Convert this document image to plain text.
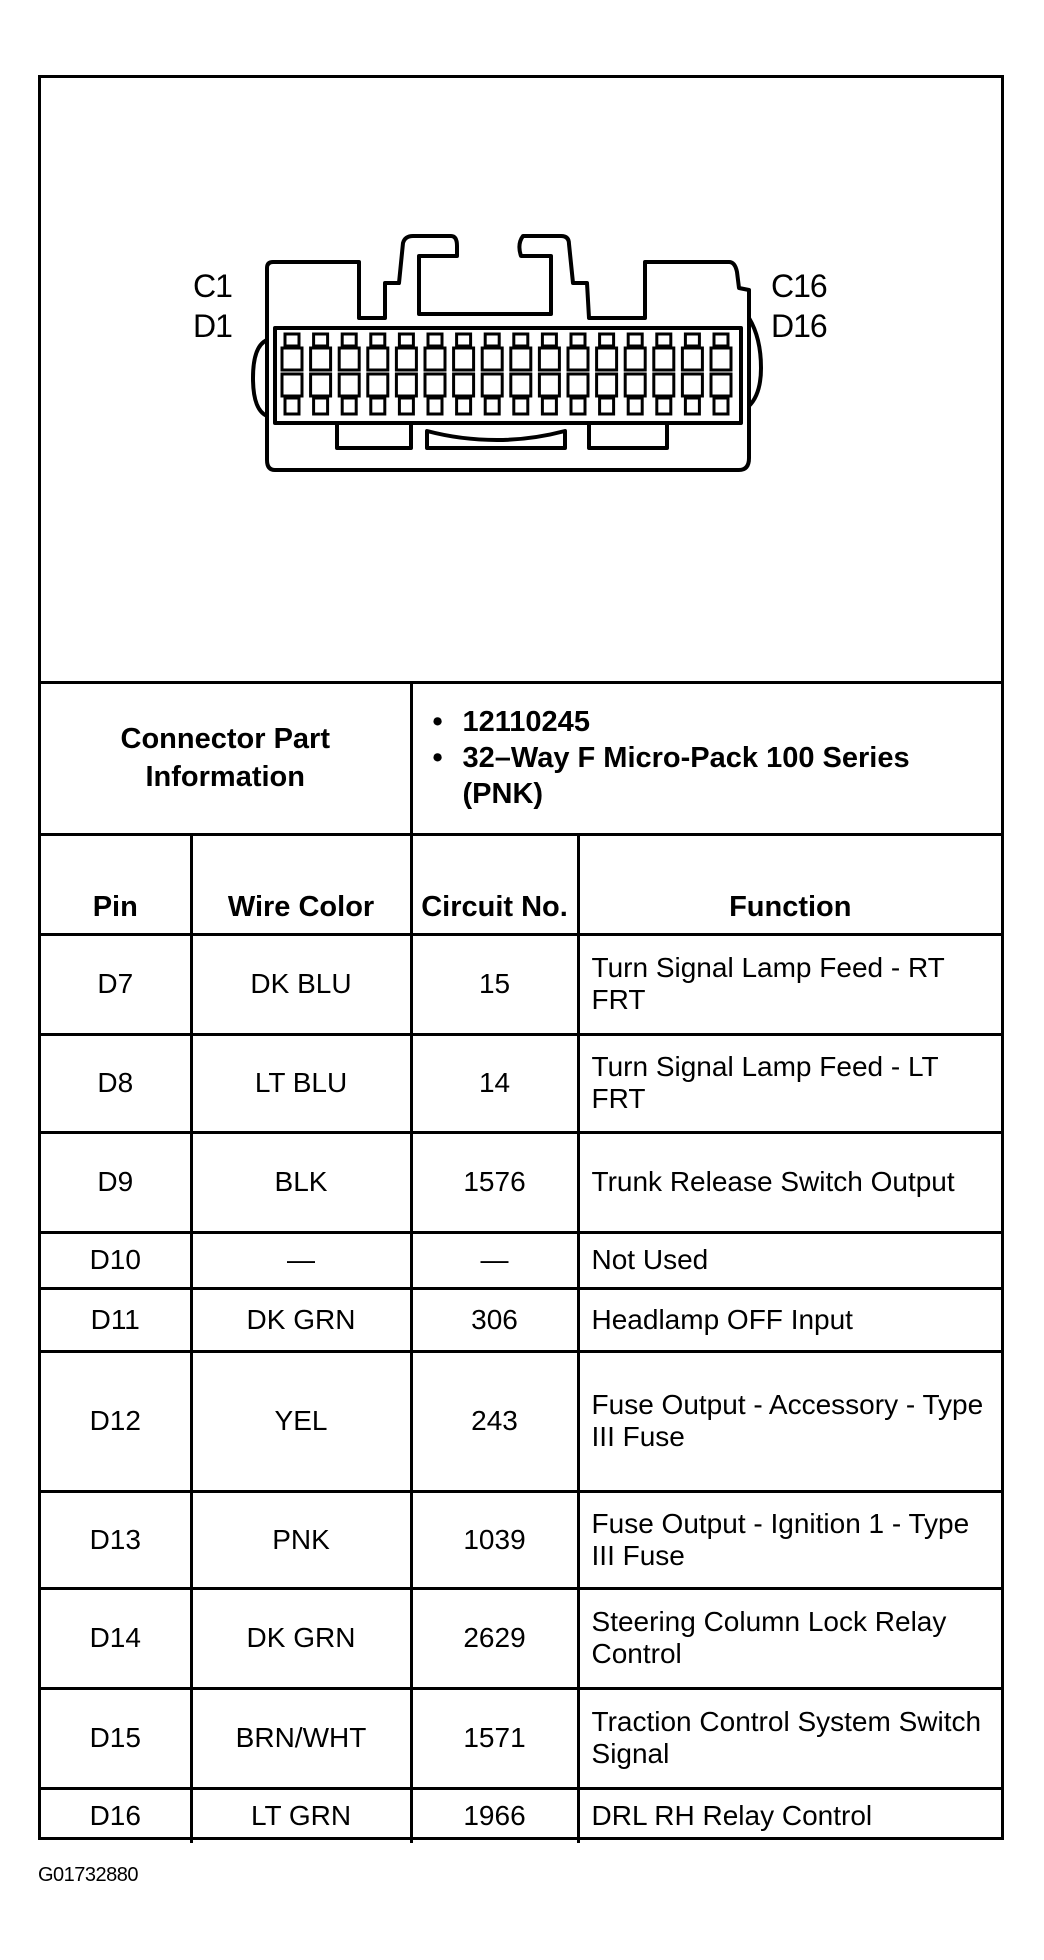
C1
D1
C16
D16
Connector Part Information		• 12110245
• 32–Way F Micro-Pack 100 Series (PNK)

Pin	Wire Color	Circuit No.	Function
D7	DK BLU	15	Turn Signal Lamp Feed - RT FRT
D8	LT BLU	14	Turn Signal Lamp Feed - LT FRT
D9	BLK	1576	Trunk Release Switch Output
D10	—	—	Not Used
D11	DK GRN	306	Headlamp OFF Input
D12	YEL	243	Fuse Output - Accessory - Type III Fuse
D13	PNK	1039	Fuse Output - Ignition 1 - Type III Fuse
D14	DK GRN	2629	Steering Column Lock Relay Control
D15	BRN/WHT	1571	Traction Control System Switch Signal
D16	LT GRN	1966	DRL RH Relay Control
G01732880
